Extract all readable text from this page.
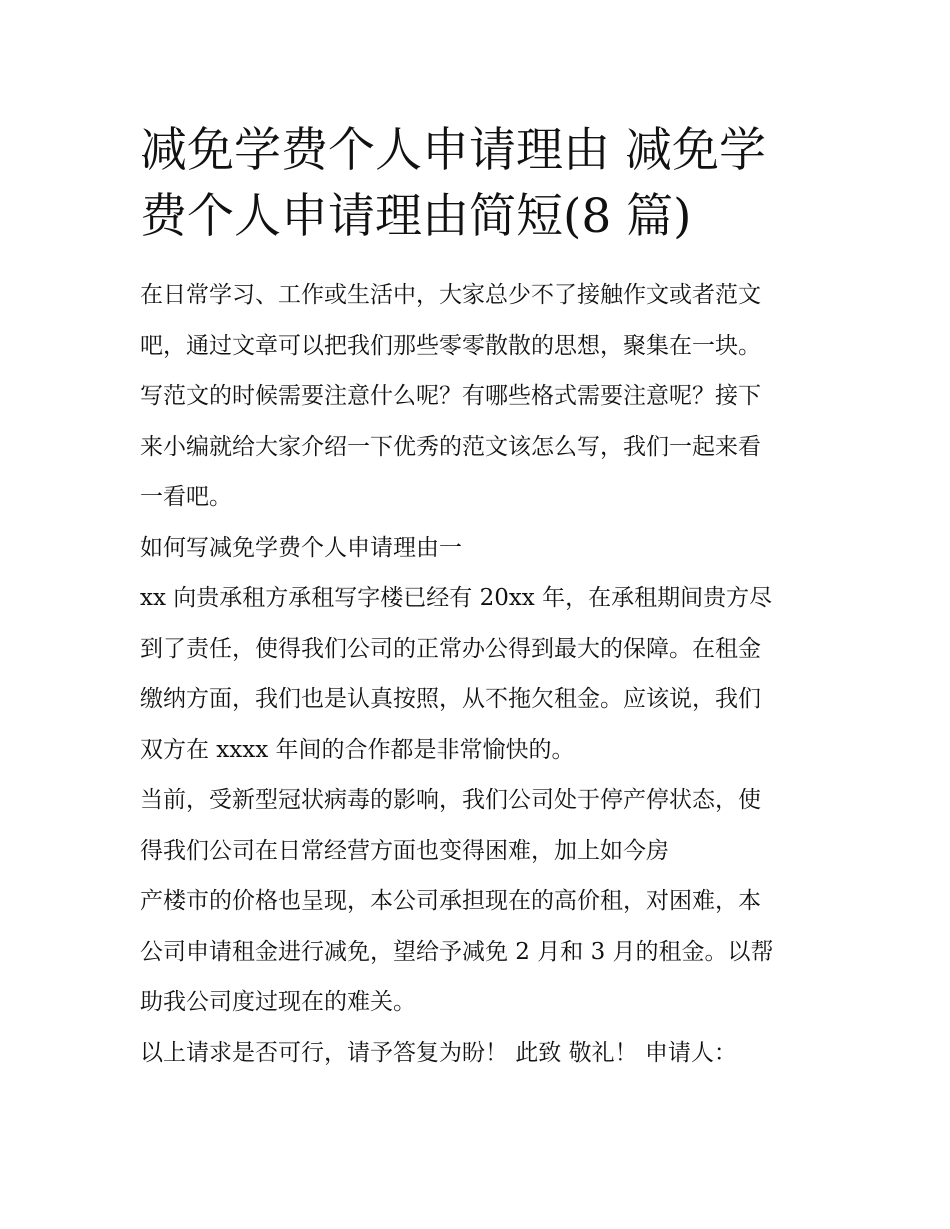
减免学费个人申请理由 减免学
费个人申请理由简短(8 篇)
在日常学习、工作或生活中，大家总少不了接触作文或者范文
吧，通过文章可以把我们那些零零散散的思想，聚集在一块。
写范文的时候需要注意什么呢？有哪些格式需要注意呢？接下
来小编就给大家介绍一下优秀的范文该怎么写，我们一起来看
一看吧。
如何写减免学费个人申请理由一
xx 向贵承租方承租写字楼已经有 20xx 年，在承租期间贵方尽
到了责任，使得我们公司的正常办公得到最大的保障。在租金
缴纳方面，我们也是认真按照，从不拖欠租金。应该说，我们
双方在 xxxx 年间的合作都是非常愉快的。
当前，受新型冠状病毒的影响，我们公司处于停产停状态，使
得我们公司在日常经营方面也变得困难，加上如今房
产楼市的价格也呈现，本公司承担现在的高价租，对困难，本
公司申请租金进行减免，望给予减免 2 月和 3 月的租金。以帮
助我公司度过现在的难关。
以上请求是否可行，请予答复为盼！ 此致 敬礼！ 申请人：
